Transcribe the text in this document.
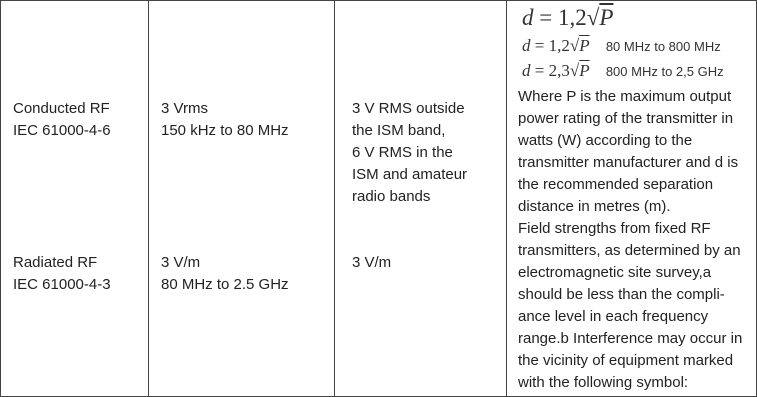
Conducted RF
IEC 61000-4-6
3 Vrms
150 kHz to 80 MHz
3 V RMS outside
the ISM band,
6 V RMS in the
ISM and amateur
radio bands
Radiated RF
IEC 61000-4-3
3 V/m
80 MHz to 2.5 GHz
3 V/m
d = 1,2√P
d = 1,2√P 80 MHz to 800 MHz
d = 2,3√P 800 MHz to 2,5 GHz
Where P is the maximum output
power rating of the transmitter in
watts (W) according to the
transmitter manufacturer and d is
the recommended separation
distance in metres (m).
Field strengths from fixed RF
transmitters, as determined by an
electromagnetic site survey,a
should be less than the compli-
ance level in each frequency
range.b Interference may occur in
the vicinity of equipment marked
with the following symbol:
